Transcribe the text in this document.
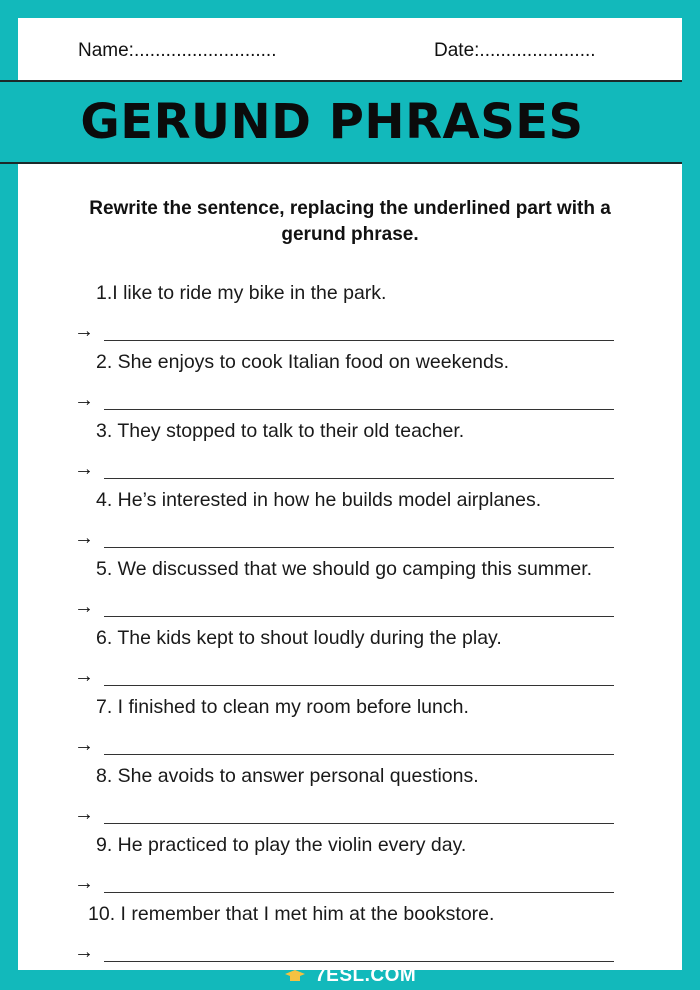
Name:...........................	Date:......................
Rewrite the sentence, replacing the underlined part with a gerund phrase.
1.I like to ride my bike in the park.
→
2. She enjoys to cook Italian food on weekends.
→
3. They stopped to talk to their old teacher.
→
4. He’s interested in how he builds model airplanes.
→
5. We discussed that we should go camping this summer.
→
6. The kids kept to shout loudly during the play.
→
7. I finished to clean my room before lunch.
→
8. She avoids to answer personal questions.
→
9. He practiced to play the violin every day.
→
10. I remember that I met him at the bookstore.
→
GERUND PHRASES
7ESL.COM
